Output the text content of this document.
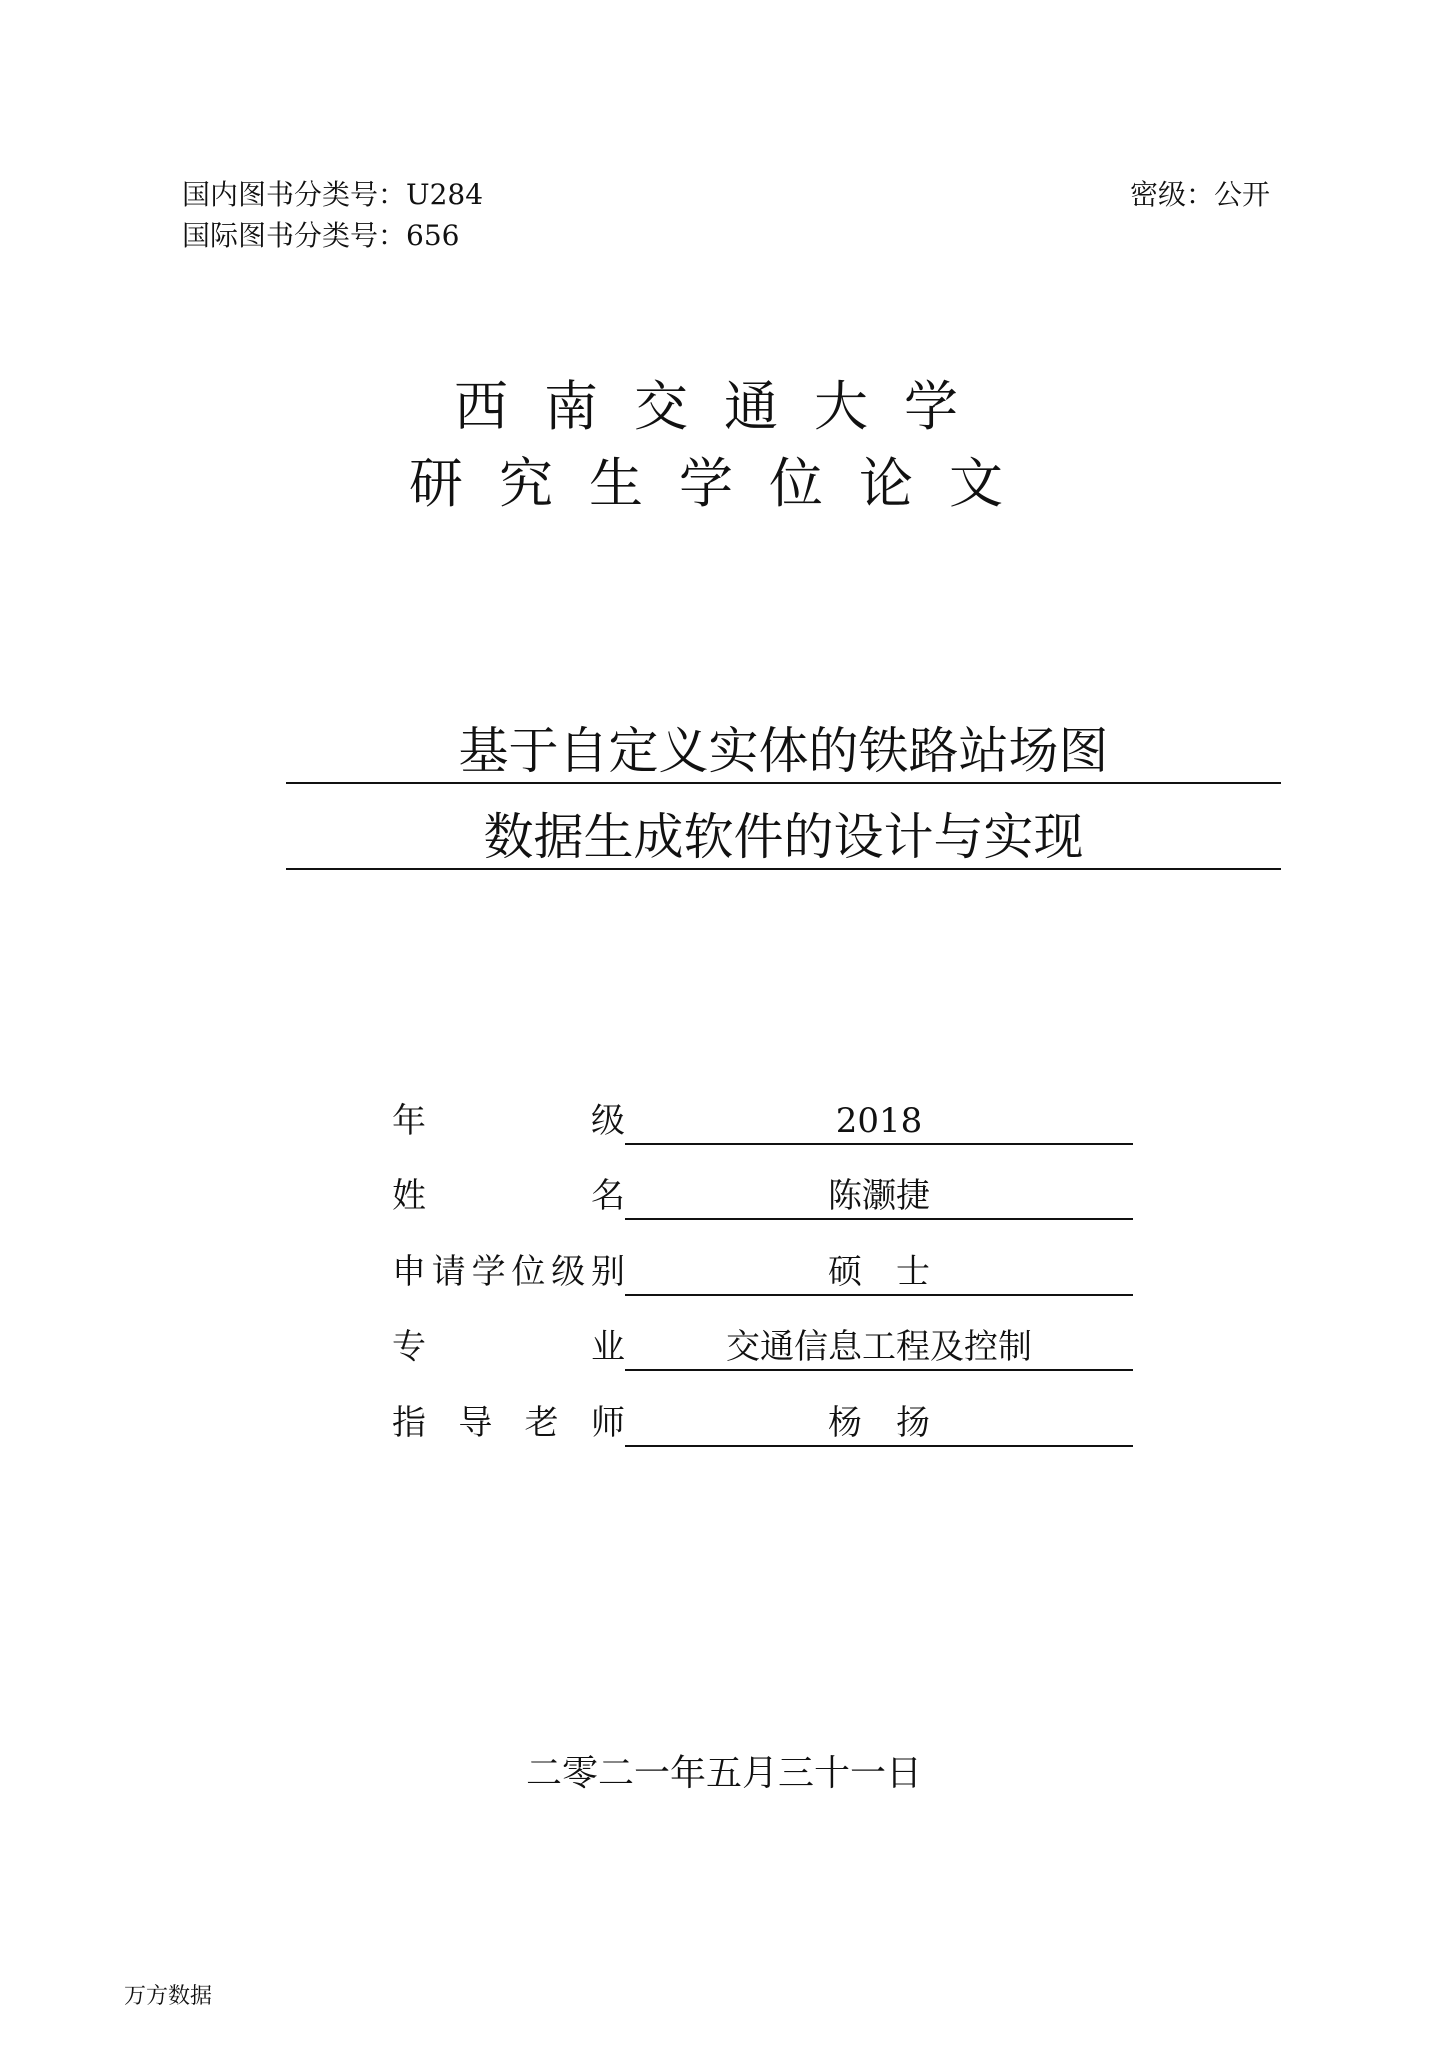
国内图书分类号：U284
国际图书分类号：656
密级：公开
西南交通大学
研究生学位论文
基于自定义实体的铁路站场图
数据生成软件的设计与实现
年	级	2018
姓	名	陈灏捷
申 请 学 位 级 别	硕　士
专	业	交通信息工程及控制
指 导 老 师	杨　扬
二零二一年五月三十一日
万方数据
